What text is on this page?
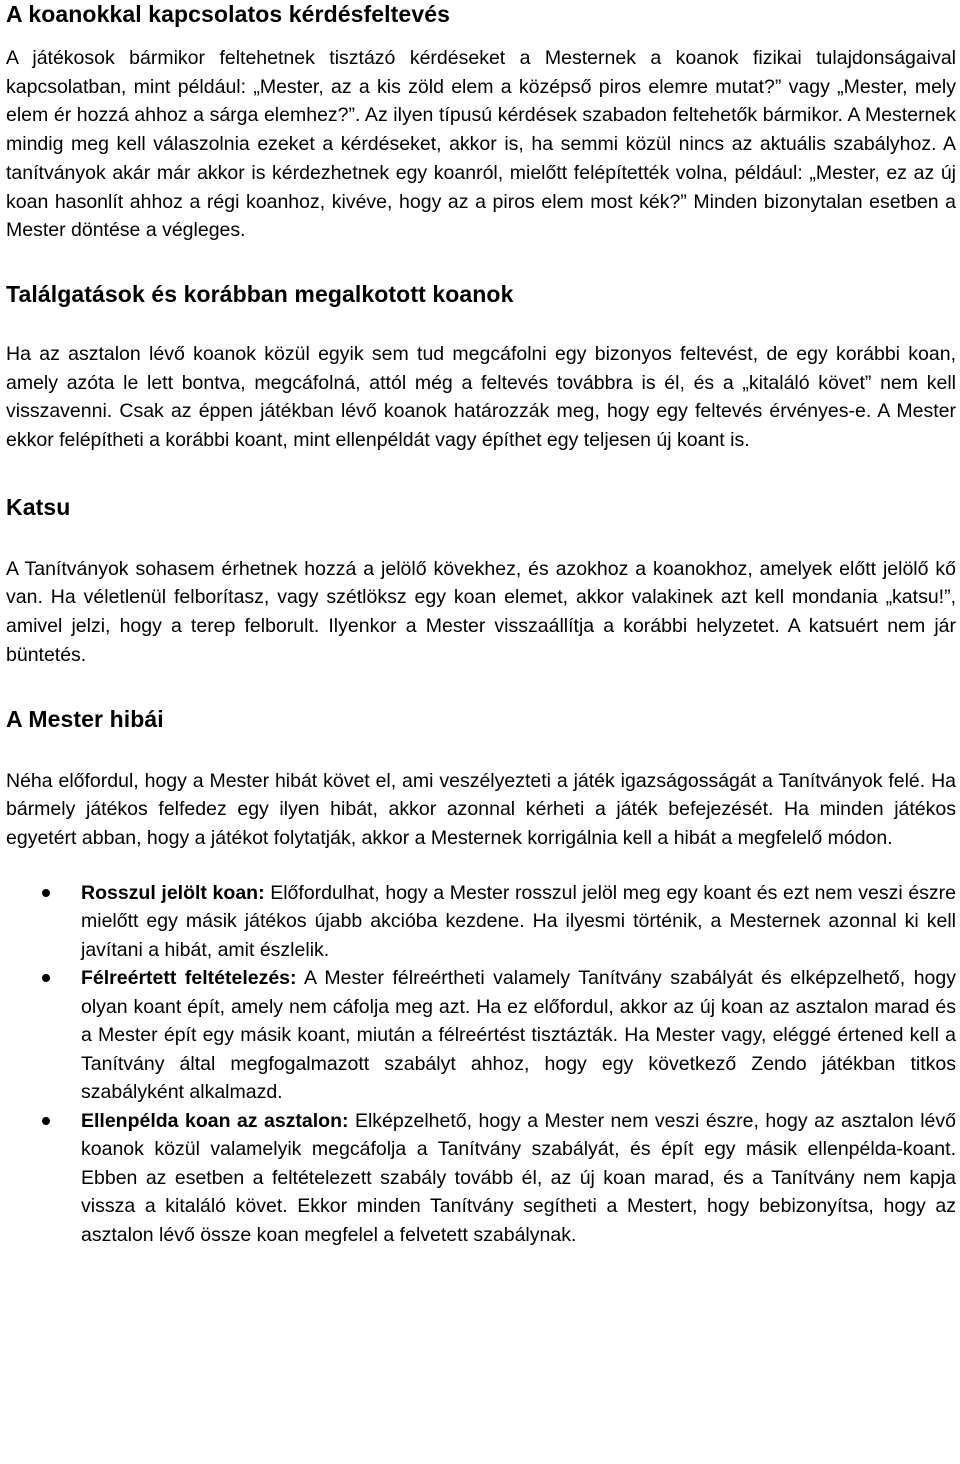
A koanokkal kapcsolatos kérdésfeltevés

A játékosok bármikor feltehetnek tisztázó kérdéseket a Mesternek a koanok fizikai tulajdonságaival kapcsolatban, mint például: „Mester, az a kis zöld elem a középső piros elemre mutat?” vagy „Mester, mely elem ér hozzá ahhoz a sárga elemhez?”. Az ilyen típusú kérdések szabadon feltehetők bármikor. A Mesternek mindig meg kell válaszolnia ezeket a kérdéseket, akkor is, ha semmi közül nincs az aktuális szabályhoz. A tanítványok akár már akkor is kérdezhetnek egy koanról, mielőtt felépítették volna, például: „Mester, ez az új koan hasonlít ahhoz a régi koanhoz, kivéve, hogy az a piros elem most kék?” Minden bizonytalan esetben a Mester döntése a végleges.

Találgatások és korábban megalkotott koanok

Ha az asztalon lévő koanok közül egyik sem tud megcáfolni egy bizonyos feltevést, de egy korábbi koan, amely azóta le lett bontva, megcáfolná, attól még a feltevés továbbra is él, és a „kitaláló követ” nem kell visszavenni. Csak az éppen játékban lévő koanok határozzák meg, hogy egy feltevés érvényes-e. A Mester ekkor felépítheti a korábbi koant, mint ellenpéldát vagy építhet egy teljesen új koant is.

Katsu

A Tanítványok sohasem érhetnek hozzá a jelölő kövekhez, és azokhoz a koanokhoz, amelyek előtt jelölő kő van. Ha véletlenül felborítasz, vagy szétlöksz egy koan elemet, akkor valakinek azt kell mondania „katsu!”, amivel jelzi, hogy a terep felborult. Ilyenkor a Mester visszaállítja a korábbi helyzetet. A katsuért nem jár büntetés.

A Mester hibái

Néha előfordul, hogy a Mester hibát követ el, ami veszélyezteti a játék igazságosságát a Tanítványok felé. Ha bármely játékos felfedez egy ilyen hibát, akkor azonnal kérheti a játék befejezését. Ha minden játékos egyetért abban, hogy a játékot folytatják, akkor a Mesternek korrigálnia kell a hibát a megfelelő módon.

Rosszul jelölt koan: Előfordulhat, hogy a Mester rosszul jelöl meg egy koant és ezt nem veszi észre mielőtt egy másik játékos újabb akcióba kezdene. Ha ilyesmi történik, a Mesternek azonnal ki kell javítani a hibát, amit észlelik.
Félreértett feltételezés: A Mester félreértheti valamely Tanítvány szabályát és elképzelhető, hogy olyan koant épít, amely nem cáfolja meg azt. Ha ez előfordul, akkor az új koan az asztalon marad és a Mester épít egy másik koant, miután a félreértést tisztázták. Ha Mester vagy, eléggé értened kell a Tanítvány által megfogalmazott szabályt ahhoz, hogy egy következő Zendo játékban titkos szabályként alkalmazd.
Ellenpélda koan az asztalon: Elképzelhető, hogy a Mester nem veszi észre, hogy az asztalon lévő koanok közül valamelyik megcáfolja a Tanítvány szabályát, és épít egy másik ellenpélda-koant. Ebben az esetben a feltételezett szabály tovább él, az új koan marad, és a Tanítvány nem kapja vissza a kitaláló követ. Ekkor minden Tanítvány segítheti a Mestert, hogy bebizonyítsa, hogy az asztalon lévő össze koan megfelel a felvetett szabálynak.
